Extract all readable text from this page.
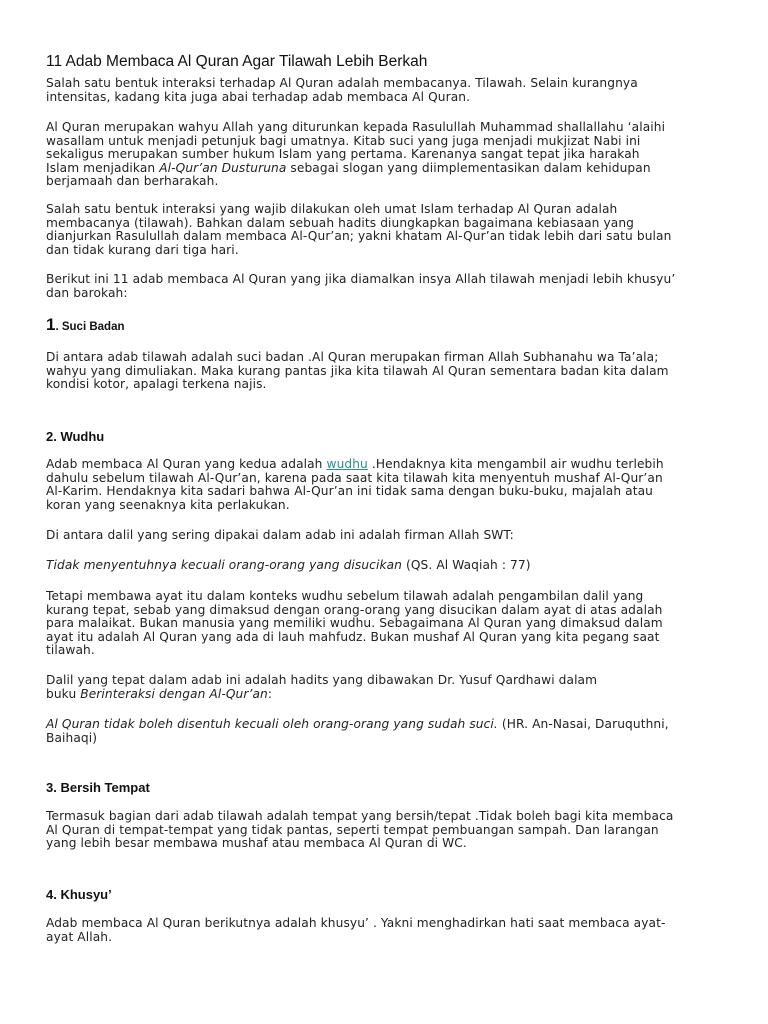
11 Adab Membaca Al Quran Agar Tilawah Lebih Berkah
Salah satu bentuk interaksi terhadap Al Quran adalah membacanya. Tilawah. Selain kurangnya
intensitas, kadang kita juga abai terhadap adab membaca Al Quran.
Al Quran merupakan wahyu Allah yang diturunkan kepada Rasulullah Muhammad shallallahu ‘alaihi
wasallam untuk menjadi petunjuk bagi umatnya. Kitab suci yang juga menjadi mukjizat Nabi ini
sekaligus merupakan sumber hukum Islam yang pertama. Karenanya sangat tepat jika harakah
Islam menjadikan Al-Qur’an Dusturuna sebagai slogan yang diimplementasikan dalam kehidupan
berjamaah dan berharakah.
Salah satu bentuk interaksi yang wajib dilakukan oleh umat Islam terhadap Al Quran adalah
membacanya (tilawah). Bahkan dalam sebuah hadits diungkapkan bagaimana kebiasaan yang
dianjurkan Rasulullah dalam membaca Al-Qur’an; yakni khatam Al-Qur’an tidak lebih dari satu bulan
dan tidak kurang dari tiga hari.
Berikut ini 11 adab membaca Al Quran yang jika diamalkan insya Allah tilawah menjadi lebih khusyu’
dan barokah:
1. Suci Badan
Di antara adab tilawah adalah suci badan .Al Quran merupakan firman Allah Subhanahu wa Ta’ala;
wahyu yang dimuliakan. Maka kurang pantas jika kita tilawah Al Quran sementara badan kita dalam
kondisi kotor, apalagi terkena najis.
2. Wudhu
Adab membaca Al Quran yang kedua adalah wudhu .Hendaknya kita mengambil air wudhu terlebih
dahulu sebelum tilawah Al-Qur’an, karena pada saat kita tilawah kita menyentuh mushaf Al-Qur’an
Al-Karim. Hendaknya kita sadari bahwa Al-Qur’an ini tidak sama dengan buku-buku, majalah atau
koran yang seenaknya kita perlakukan.
Di antara dalil yang sering dipakai dalam adab ini adalah firman Allah SWT:
Tidak menyentuhnya kecuali orang-orang yang disucikan (QS. Al Waqiah : 77)
Tetapi membawa ayat itu dalam konteks wudhu sebelum tilawah adalah pengambilan dalil yang
kurang tepat, sebab yang dimaksud dengan orang-orang yang disucikan dalam ayat di atas adalah
para malaikat. Bukan manusia yang memiliki wudhu. Sebagaimana Al Quran yang dimaksud dalam
ayat itu adalah Al Quran yang ada di lauh mahfudz. Bukan mushaf Al Quran yang kita pegang saat
tilawah.
Dalil yang tepat dalam adab ini adalah hadits yang dibawakan Dr. Yusuf Qardhawi dalam
buku Berinteraksi dengan Al-Qur’an:
Al Quran tidak boleh disentuh kecuali oleh orang-orang yang sudah suci. (HR. An-Nasai, Daruquthni,
Baihaqi)
3. Bersih Tempat
Termasuk bagian dari adab tilawah adalah tempat yang bersih/tepat .Tidak boleh bagi kita membaca
Al Quran di tempat-tempat yang tidak pantas, seperti tempat pembuangan sampah. Dan larangan
yang lebih besar membawa mushaf atau membaca Al Quran di WC.
4. Khusyu’
Adab membaca Al Quran berikutnya adalah khusyu’ . Yakni menghadirkan hati saat membaca ayat-
ayat Allah.
